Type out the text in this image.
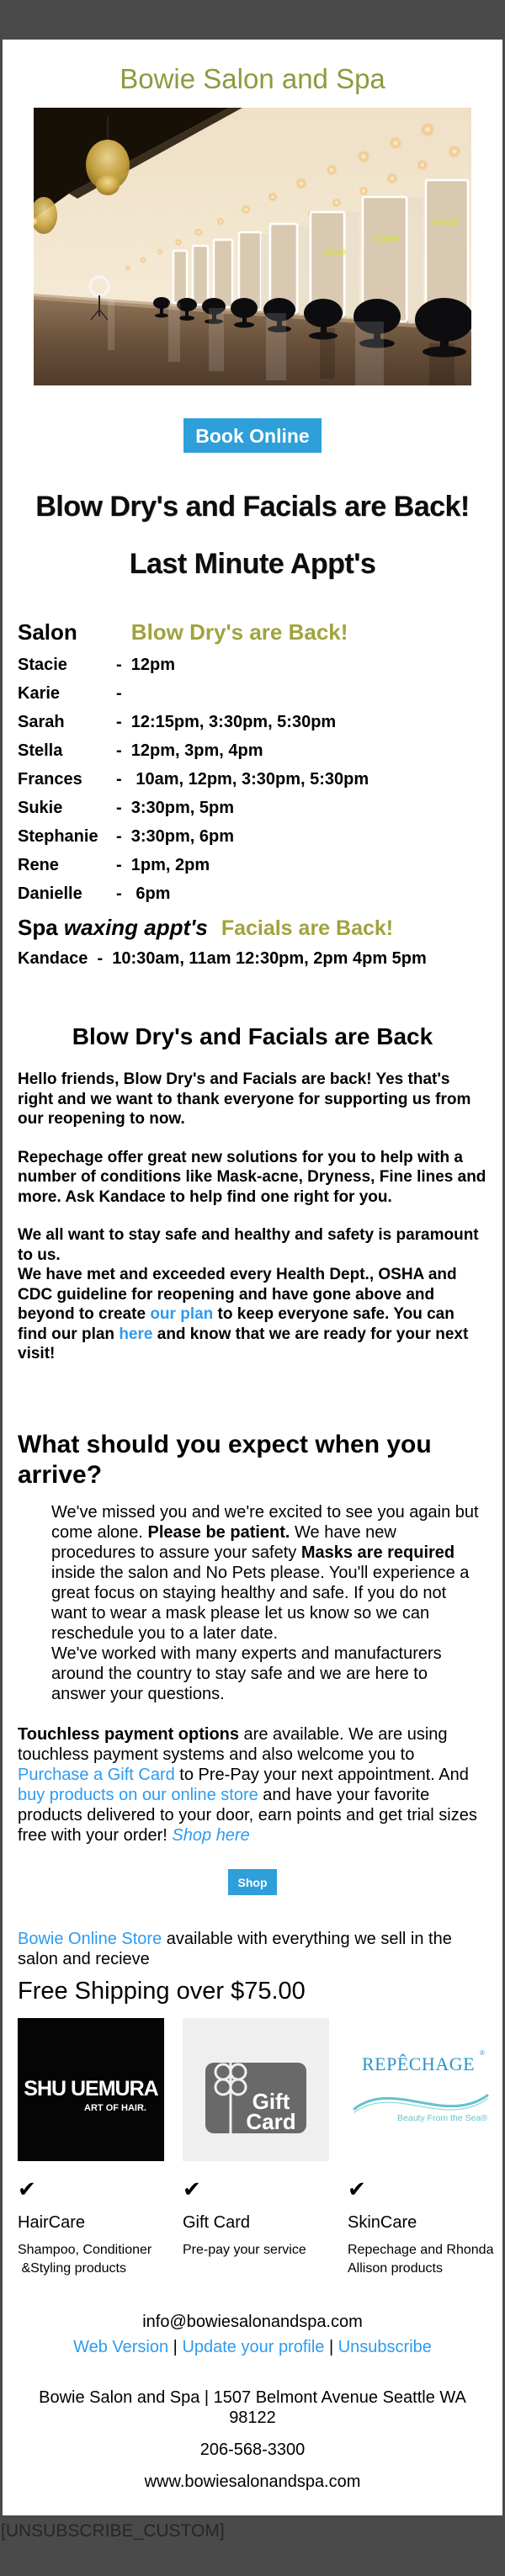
Bowie Salon and Spa
bowe
bowe
evod
Book Online
Blow Dry's and Facials are Back!
Last Minute Appt's
Salon Blow Dry's are Back!
Stacie	-  12pm
Karie	-
Sarah	-  12:15pm, 3:30pm, 5:30pm
Stella	-  12pm, 3pm, 4pm
Frances	-   10am, 12pm, 3:30pm, 5:30pm
Sukie	-  3:30pm, 5pm
Stephanie	-  3:30pm, 6pm
Rene	-  1pm, 2pm
Danielle	-   6pm
Spa waxing appt's Facials are Back!
Kandace  -  10:30am, 11am 12:30pm, 2pm 4pm 5pm
Blow Dry's and Facials are Back

Hello friends, Blow Dry's and Facials are back! Yes that's right and we want to thank everyone for supporting us from our reopening to now.

Repechage offer great new solutions for you to help with a number of conditions like Mask-acne, Dryness, Fine lines and more. Ask Kandace to help find one right for you.

We all want to stay safe and healthy and safety is paramount to us.
We have met and exceeded every Health Dept., OSHA and CDC guideline for reopening and have gone above and beyond to create our plan to keep everyone safe. You can find our plan here and know that we are ready for your next visit!

What should you expect when you arrive?

We've missed you and we're excited to see you again but come alone. Please be patient. We have new procedures to assure your safety Masks are required inside the salon and No Pets please. You'll experience a great focus on staying healthy and safe. If you do not want to wear a mask please let us know so we can reschedule you to a later date.
We've worked with many experts and manufacturers around the country to stay safe and we are here to answer your questions.

Touchless payment options are available. We are using touchless payment systems and also welcome you to Purchase a Gift Card to Pre-Pay your next appointment. And buy products on our online store and have your favorite products delivered to your door, earn points and get trial sizes free with your order! Shop here

Shop
Bowie Online Store available with everything we sell in the salon and recieve
Free Shipping over $75.00
SHU UEMURA
ART OF HAIR.
✔
HairCare
Shampoo, Conditioner
&Styling products
Gift
Card
✔
Gift Card
Pre-pay your service
REPÊCHAGE
®
Beauty From the Sea®
✔
SkinCare
Repechage and Rhonda
Allison products
info@bowiesalonandspa.com
Web Version | Update your profile | Unsubscribe
Bowie Salon and Spa | 1507 Belmont Avenue Seattle WA 98122
206-568-3300
www.bowiesalonandspa.com
[UNSUBSCRIBE_CUSTOM]
